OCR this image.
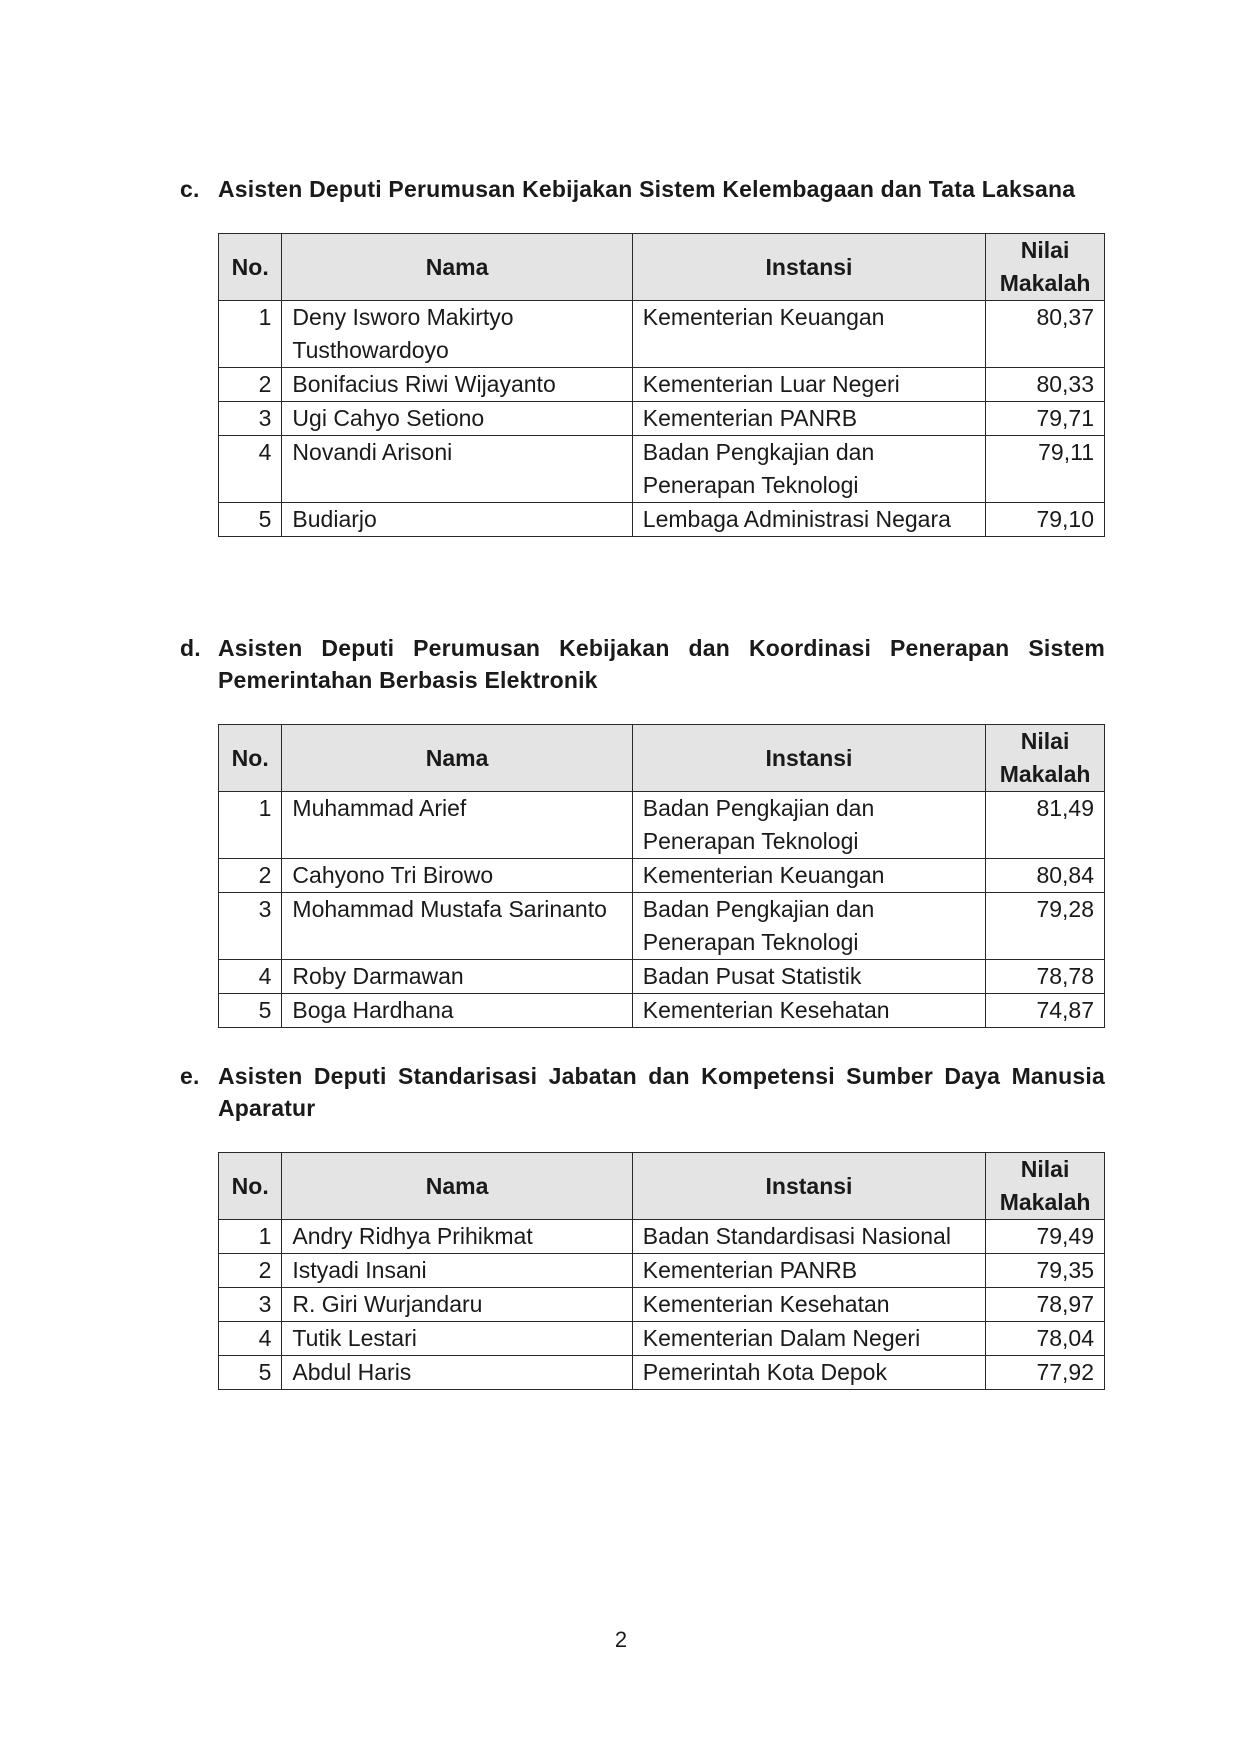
c. Asisten Deputi Perumusan Kebijakan Sistem Kelembagaan dan Tata Laksana
No.	Nama	Instansi	Nilai Makalah
1	Deny Isworo Makirtyo Tusthowardoyo	Kementerian Keuangan	80,37
2	Bonifacius Riwi Wijayanto	Kementerian Luar Negeri	80,33
3	Ugi Cahyo Setiono	Kementerian PANRB	79,71
4	Novandi Arisoni	Badan Pengkajian dan Penerapan Teknologi	79,11
5	Budiarjo	Lembaga Administrasi Negara	79,10
d. Asisten Deputi Perumusan Kebijakan dan Koordinasi Penerapan Sistem Pemerintahan Berbasis Elektronik
No.	Nama	Instansi	Nilai Makalah
1	Muhammad Arief	Badan Pengkajian dan Penerapan Teknologi	81,49
2	Cahyono Tri Birowo	Kementerian Keuangan	80,84
3	Mohammad Mustafa Sarinanto	Badan Pengkajian dan Penerapan Teknologi	79,28
4	Roby Darmawan	Badan Pusat Statistik	78,78
5	Boga Hardhana	Kementerian Kesehatan	74,87
e. Asisten Deputi Standarisasi Jabatan dan Kompetensi Sumber Daya Manusia Aparatur
No.	Nama	Instansi	Nilai Makalah
1	Andry Ridhya Prihikmat	Badan Standardisasi Nasional	79,49
2	Istyadi Insani	Kementerian PANRB	79,35
3	R. Giri Wurjandaru	Kementerian Kesehatan	78,97
4	Tutik Lestari	Kementerian Dalam Negeri	78,04
5	Abdul Haris	Pemerintah Kota Depok	77,92
2
